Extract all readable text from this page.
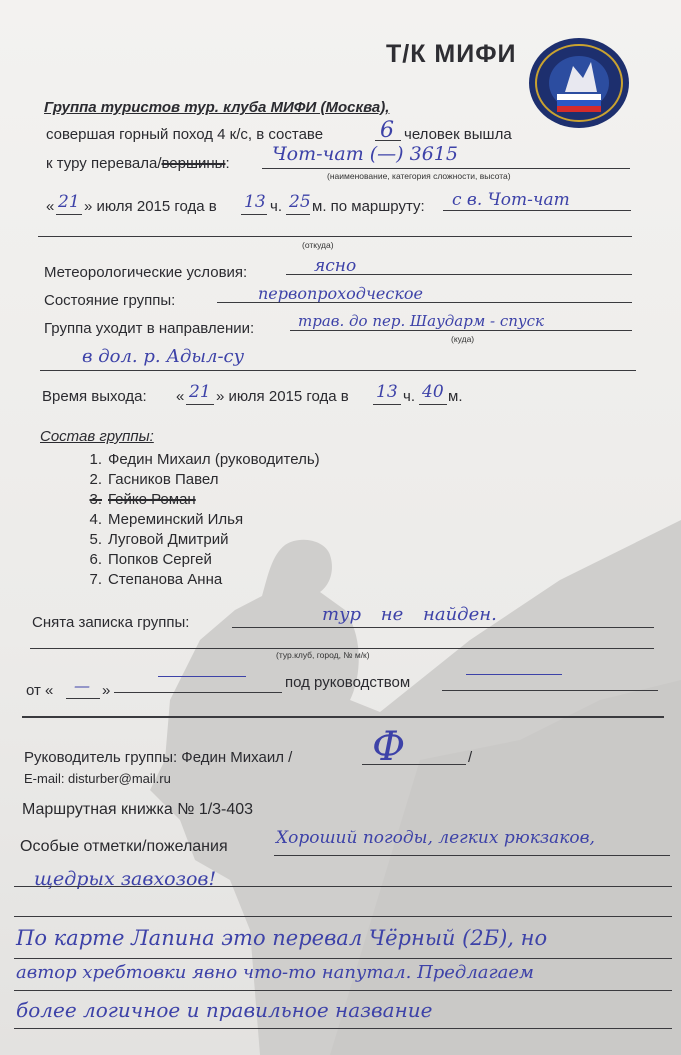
Т/К МИФИ
Группа туристов тур. клуба МИФИ (Москва),
совершая горный поход 4 к/с, в составе	6 человек вышла
к туру перевала/вершины: Чот-чат (—) 3615
(наименование, категория сложности, высота)
« 21 » июля 2015 года в 13 ч. 25 м. по маршруту: с в. Чот-чат
(откуда)
Метеорологические условия:	ясно
Состояние группы:	первопроходческое
Группа уходит в направлении:	трав. до пер. Шаударм - спуск
(куда)
в дол. р. Адыл-су
Время выхода: « 21 » июля 2015 года в 13 ч. 40 м.
Состав группы:
1. Федин Михаил (руководитель)
2. Гасников Павел
3. Гейко Роман
4. Мереминский Илья
5. Луговой Дмитрий
6. Попков Сергей
7. Степанова Анна
Снята записка группы:	тур не найден.
(тур.клуб, город, № м/к)
от « — »	под руководством
Руководитель группы: Федин Михаил / Ф	/
E-mail: disturber@mail.ru
Маршрутная книжка № 1/3-403
Особые отметки/пожелания	Хороший погоды, легких рюкзаков,
щедрых завхозов!
По карте Лапина это перевал Чёрный (2Б), но
автор хребтовки явно что-то напутал. Предлагаем
более логичное и правильное название
